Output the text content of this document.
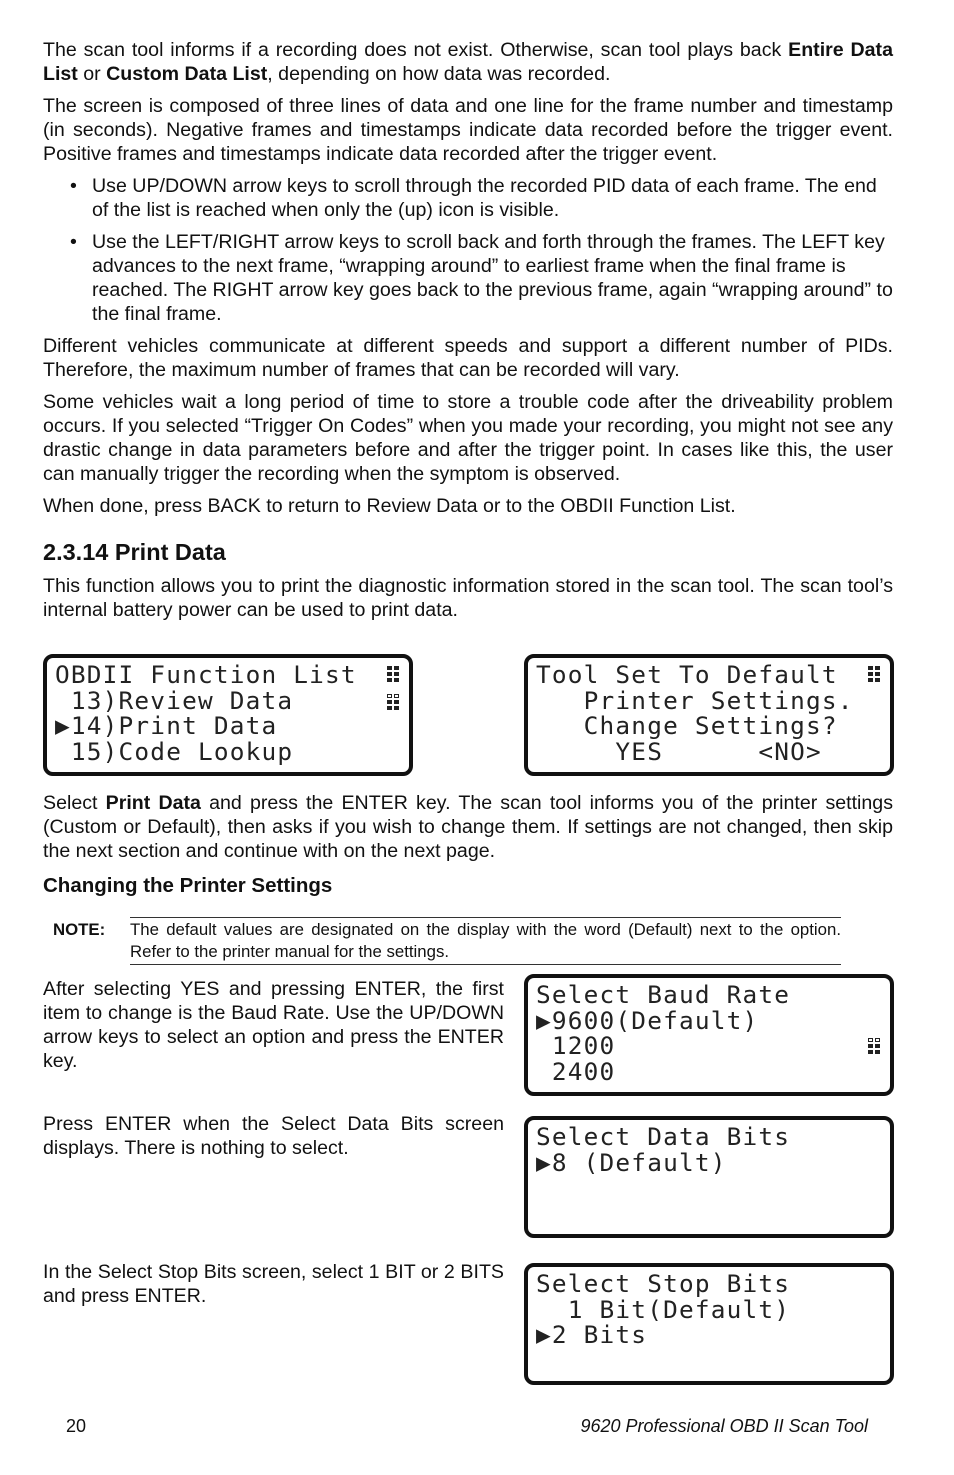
The scan tool informs if a recording does not exist. Otherwise, scan tool plays back Entire Data List or Custom Data List, depending on how data was recorded.

The screen is composed of three lines of data and one line for the frame number and timestamp (in seconds). Negative frames and timestamps indicate data recorded before the trigger event. Positive frames and timestamps indicate data recorded after the trigger event.

• Use UP/DOWN arrow keys to scroll through the recorded PID data of each frame. The end of the list is reached when only the (up) icon is visible.
• Use the LEFT/RIGHT arrow keys to scroll back and forth through the frames. The LEFT key advances to the next frame, “wrapping around” to earliest frame when the final frame is reached. The RIGHT arrow key goes back to the previous frame, again “wrapping around” to the final frame.

Different vehicles communicate at different speeds and support a different number of PIDs. Therefore, the maximum number of frames that can be recorded will vary.

Some vehicles wait a long period of time to store a trouble code after the driveability problem occurs. If you selected “Trigger On Codes” when you made your recording, you might not see any drastic change in data parameters before and after the trigger point. In cases like this, the user can manually trigger the recording when the symptom is observed.

When done, press BACK to return to Review Data or to the OBDII Function List.

2.3.14 Print Data

This function allows you to print the diagnostic information stored in the scan tool. The scan tool’s internal battery power can be used to print data.

OBDII Function List
13)Review Data
▶14)Print Data
15)Code Lookup
Tool Set To Default
Printer Settings.
Change Settings?
YES      <NO>

Select Print Data and press the ENTER key. The scan tool informs you of the printer settings (Custom or Default), then asks if you wish to change them. If settings are not changed, then skip the next section and continue with on the next page.

Changing the Printer Settings
NOTE: The default values are designated on the display with the word (Default) next to the option. Refer to the printer manual for the settings.
After selecting YES and pressing ENTER, the first item to change is the Baud Rate. Use the UP/DOWN arrow keys to select an option and press the ENTER key.
Select Baud Rate
▶9600(Default)
1200
2400
Press ENTER when the Select Data Bits screen displays. There is nothing to select.	Select Data Bits
▶8 (Default)
In the Select Stop Bits screen, select 1 BIT or 2 BITS and press ENTER.	Select Stop Bits
1 Bit(Default)
▶2 Bits
20	9620 Professional OBD II Scan Tool
